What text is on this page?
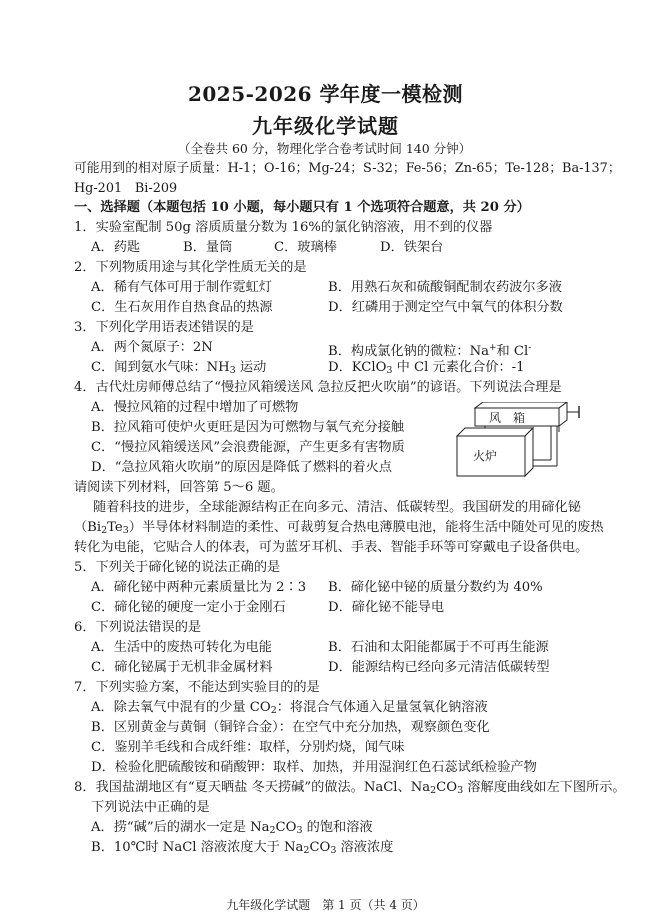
2025-2026 学年度一模检测
九年级化学试题
（全卷共 60 分，物理化学合卷考试时间 140 分钟）
可能用到的相对原子质量：H-1；O-16；Mg-24；S-32；Fe-56；Zn-65；Te-128；Ba-137；
Hg-201　Bi-209
一、选择题（本题包括 10 小题，每小题只有 1 个选项符合题意，共 20 分）
1．实验室配制 50g 溶质质量分数为 16%的氯化钠溶液，用不到的仪器
A．药匙	B．量筒	C．玻璃棒	D．铁架台
2．下列物质用途与其化学性质无关的是
A．稀有气体可用于制作霓虹灯	B．用熟石灰和硫酸铜配制农药波尔多液
C．生石灰用作自热食品的热源	D．红磷用于测定空气中氧气的体积分数
3．下列化学用语表述错误的是
A．两个氮原子：2N	B．构成氯化钠的微粒：Na+和 Cl-
C．闻到氨水气味：$NH_3$ 运动	D．KClO$_3$ 中 Cl 元素化合价：-1
4．古代灶房师傅总结了“慢拉风箱缓送风 急拉反把火吹崩”的谚语。下列说法合理是
A．慢拉风箱的过程中增加了可燃物
B．拉风箱可使炉火更旺是因为可燃物与氧气充分接触
C．“慢拉风箱缓送风”会浪费能源，产生更多有害物质
D．“急拉风箱火吹崩”的原因是降低了燃料的着火点
风　箱
火炉
请阅读下列材料，回答第 5～6 题。
随着科技的进步，全球能源结构正在向多元、清洁、低碳转型。我国研发的用碲化铋
$(Bi_2Te_3)$半导体材料制造的柔性、可裁剪复合热电薄膜电池，能将生活中随处可见的废热
转化为电能，它贴合人的体表，可为蓝牙耳机、手表、智能手环等可穿戴电子设备供电。
5．下列关于碲化铋的说法正确的是
A．碲化铋中两种元素质量比为 2∶3 B．碲化铋中铋的质量分数约为 40%
C．碲化铋的硬度一定小于金刚石	D．碲化铋不能导电
6．下列说法错误的是
A．生活中的废热可转化为电能	B．石油和太阳能都属于不可再生能源
C．碲化铋属于无机非金属材料	D．能源结构已经向多元清洁低碳转型
7．下列实验方案，不能达到实验目的的是
A．除去氧气中混有的少量 $CO_2$：将混合气体通入足量氢氧化钠溶液
B．区别黄金与黄铜（铜锌合金）：在空气中充分加热，观察颜色变化
C．鉴别羊毛线和合成纤维：取样，分别灼烧，闻气味
D．检验化肥硫酸铵和硝酸钾：取样、加热，并用湿润红色石蕊试纸检验产物
8．我国盐湖地区有“夏天晒盐 冬天捞碱”的做法。NaCl、$Na_2CO_3$ 溶解度曲线如左下图所示。
下列说法中正确的是
A．捞“碱”后的湖水一定是 $Na_2CO_3$ 的饱和溶液
B．10℃时 NaCl 溶液浓度大于 $Na_2CO_3$ 溶液浓度
九年级化学试题　第 1 页（共 4 页）
